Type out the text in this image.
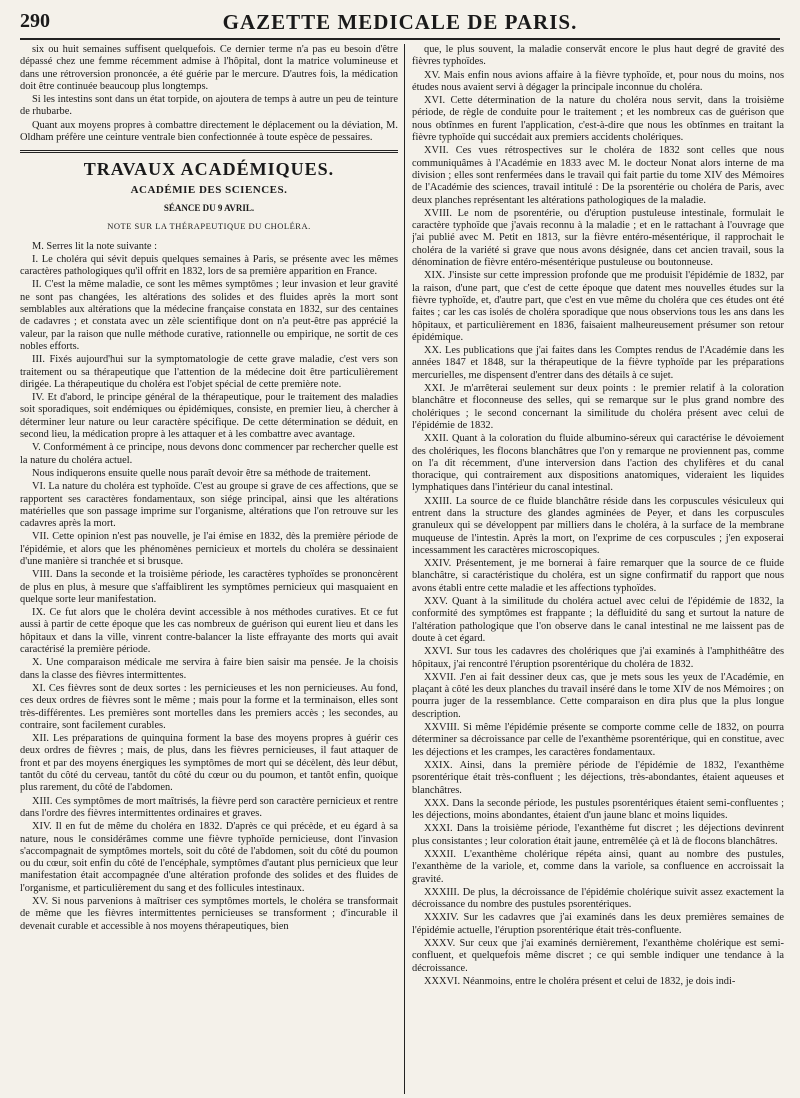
290	GAZETTE MEDICALE DE PARIS.

six ou huit semaines suffisent quelquefois. Ce dernier terme n'a pas eu besoin d'être dépassé chez une femme récemment admise à l'hôpital, dont la matrice volumineuse et dans une rétroversion prononcée, a été guérie par le mercure. D'autres fois, la médication doit être continuée beaucoup plus longtemps.

Si les intestins sont dans un état torpide, on ajoutera de temps à autre un peu de teinture de rhubarbe.

Quant aux moyens propres à combattre directement le déplacement ou la déviation, M. Oldham préfère une ceinture ventrale bien confectionnée à toute espèce de pessaires.

TRAVAUX ACADÉMIQUES.
ACADÉMIE DES SCIENCES.
SÉANCE DU 9 AVRIL.
NOTE SUR LA THÉRAPEUTIQUE DU CHOLÉRA.

M. Serres lit la note suivante :

I. Le choléra qui sévit depuis quelques semaines à Paris, se présente avec les mêmes caractères pathologiques qu'il offrit en 1832, lors de sa première apparition en France.

II. C'est la même maladie, ce sont les mêmes symptômes ; leur invasion et leur gravité ne sont pas changées, les altérations des solides et des fluides après la mort sont semblables aux altérations que la médecine française constata en 1832, sur des centaines de cadavres ; et constata avec un zèle scientifique dont on n'a peut-être pas apprécié la valeur, par la raison que nulle méthode curative, rationnelle ou empirique, ne sortit de ces nobles efforts.

III. Fixés aujourd'hui sur la symptomatologie de cette grave maladie, c'est vers son traitement ou sa thérapeutique que l'attention de la médecine doit être particulièrement dirigée. La thérapeutique du choléra est l'objet spécial de cette première note.

IV. Et d'abord, le principe général de la thérapeutique, pour le traitement des maladies soit sporadiques, soit endémiques ou épidémiques, consiste, en premier lieu, à chercher à déterminer leur nature ou leur caractère spécifique. De cette détermination se déduit, en second lieu, la médication propre à les attaquer et à les combattre avec avantage.

V. Conformément à ce principe, nous devons donc commencer par rechercher quelle est la nature du choléra actuel.

Nous indiquerons ensuite quelle nous paraît devoir être sa méthode de traitement.

VI. La nature du choléra est typhoïde. C'est au groupe si grave de ces affections, que se rapportent ses caractères fondamentaux, son siége principal, ainsi que les altérations matérielles que son passage imprime sur l'organisme, altérations que l'on retrouve sur les cadavres après la mort.

VII. Cette opinion n'est pas nouvelle, je l'ai émise en 1832, dès la première période de l'épidémie, et alors que les phénomènes pernicieux et mortels du choléra se dessinaient d'une manière si tranchée et si brusque.

VIII. Dans la seconde et la troisième période, les caractères typhoïdes se prononcèrent de plus en plus, à mesure que s'affaiblirent les symptômes pernicieux qui masquaient en quelque sorte leur manifestation.

IX. Ce fut alors que le choléra devint accessible à nos méthodes curatives. Et ce fut aussi à partir de cette époque que les cas nombreux de guérison qui eurent lieu et dans les hôpitaux et dans la ville, vinrent contre-balancer la liste effrayante des morts qui avait caractérisé la première période.

X. Une comparaison médicale me servira à faire bien saisir ma pensée. Je la choisis dans la classe des fièvres intermittentes.

XI. Ces fièvres sont de deux sortes : les pernicieuses et les non pernicieuses. Au fond, ces deux ordres de fièvres sont le même ; mais pour la forme et la terminaison, elles sont très-différentes. Les premières sont mortelles dans les premiers accès ; les secondes, au contraire, sont facilement curables.

XII. Les préparations de quinquina forment la base des moyens propres à guérir ces deux ordres de fièvres ; mais, de plus, dans les fièvres pernicieuses, il faut attaquer de front et par des moyens énergiques les symptômes de mort qui se décèlent, dès leur début, tantôt du côté du cerveau, tantôt du côté du cœur ou du poumon, et tantôt enfin, quoique plus rarement, du côté de l'abdomen.

XIII. Ces symptômes de mort maîtrisés, la fièvre perd son caractère pernicieux et rentre dans l'ordre des fièvres intermittentes ordinaires et graves.

XIV. Il en fut de même du choléra en 1832. D'après ce qui précède, et eu égard à sa nature, nous le considérâmes comme une fièvre typhoïde pernicieuse, dont l'invasion s'accompagnait de symptômes mortels, soit du côté de l'abdomen, soit du côté du poumon ou du cœur, soit enfin du côté de l'encéphale, symptômes d'autant plus pernicieux que leur manifestation était accompagnée d'une altération profonde des solides et des fluides de l'organisme, et particulièrement du sang et des follicules intestinaux.

XV. Si nous parvenions à maîtriser ces symptômes mortels, le choléra se transformait de même que les fièvres intermittentes pernicieuses se transforment ; d'incurable il devenait curable et accessible à nos moyens thérapeutiques, bien

que, le plus souvent, la maladie conservât encore le plus haut degré de gravité des fièvres typhoïdes.

XV. Mais enfin nous avions affaire à la fièvre typhoïde, et, pour nous du moins, nos études nous avaient servi à dégager la principale inconnue du choléra.

XVI. Cette détermination de la nature du choléra nous servit, dans la troisième période, de règle de conduite pour le traitement ; et les nombreux cas de guérison que nous obtînmes en furent l'application, c'est-à-dire que nous les obtînmes en traitant la fièvre typhoïde qui succédait aux premiers accidents cholériques.

XVII. Ces vues rétrospectives sur le choléra de 1832 sont celles que nous communiquâmes à l'Académie en 1833 avec M. le docteur Nonat alors interne de ma division ; elles sont renfermées dans le travail qui fait partie du tome XIV des Mémoires de l'Académie des sciences, travail intitulé : De la psorentérie ou choléra de Paris, avec deux planches représentant les altérations pathologiques de la maladie.

XVIII. Le nom de psorentérie, ou d'éruption pustuleuse intestinale, formulait le caractère typhoïde que j'avais reconnu à la maladie ; et en le rattachant à l'ouvrage que j'ai publié avec M. Petit en 1813, sur la fièvre entéro-mésentérique, il rapprochait le choléra de la variété si grave que nous avons désignée, dans cet ancien travail, sous la dénomination de fièvre entéro-mésentérique pustuleuse ou boutonneuse.

XIX. J'insiste sur cette impression profonde que me produisit l'épidémie de 1832, par la raison, d'une part, que c'est de cette époque que datent mes nouvelles études sur la fièvre typhoïde, et, d'autre part, que c'est en vue même du choléra que ces études ont été faites ; car les cas isolés de choléra sporadique que nous observions tous les ans dans les hôpitaux, et particulièrement en 1836, faisaient malheureusement présumer son retour épidémique.

XX. Les publications que j'ai faites dans les Comptes rendus de l'Académie dans les années 1847 et 1848, sur la thérapeutique de la fièvre typhoïde par les préparations mercurielles, me dispensent d'entrer dans des détails à ce sujet.

XXI. Je m'arrêterai seulement sur deux points : le premier relatif à la coloration blanchâtre et floconneuse des selles, qui se remarque sur le plus grand nombre des cholériques ; le second concernant la similitude du choléra présent avec celui de l'épidémie de 1832.

XXII. Quant à la coloration du fluide albumino-séreux qui caractérise le dévoiement des cholériques, les flocons blanchâtres que l'on y remarque ne proviennent pas, comme on l'a dit récemment, d'une interversion dans l'action des chylifères et du canal thoracique, qui contrairement aux dispositions anatomiques, videraient les liquides lymphatiques dans l'intérieur du canal intestinal.

XXIII. La source de ce fluide blanchâtre réside dans les corpuscules vésiculeux qui entrent dans la structure des glandes agminées de Peyer, et dans les corpuscules granuleux qui se développent par milliers dans le choléra, à la surface de la membrane muqueuse de l'intestin. Après la mort, on l'exprime de ces corpuscules ; j'en exposerai incessamment les caractères microscopiques.

XXIV. Présentement, je me bornerai à faire remarquer que la source de ce fluide blanchâtre, si caractéristique du choléra, est un signe confirmatif du rapport que nous avons établi entre cette maladie et les affections typhoïdes.

XXV. Quant à la similitude du choléra actuel avec celui de l'épidémie de 1832, la conformité des symptômes est frappante ; la défluidité du sang et surtout la nature de l'altération pathologique que l'on observe dans le canal intestinal ne me laissent pas de doute à cet égard.

XXVI. Sur tous les cadavres des cholériques que j'ai examinés à l'amphithéâtre des hôpitaux, j'ai rencontré l'éruption psorentérique du choléra de 1832.

XXVII. J'en ai fait dessiner deux cas, que je mets sous les yeux de l'Académie, en plaçant à côté les deux planches du travail inséré dans le tome XIV de nos Mémoires ; on pourra juger de la ressemblance. Cette comparaison en dira plus que la plus longue description.

XXVIII. Si même l'épidémie présente se comporte comme celle de 1832, on pourra déterminer sa décroissance par celle de l'exanthème psorentérique, qui en constitue, avec les déjections et les crampes, les caractères fondamentaux.

XXIX. Ainsi, dans la première période de l'épidémie de 1832, l'exanthème psorentérique était très-confluent ; les déjections, très-abondantes, étaient aqueuses et blanchâtres.

XXX. Dans la seconde période, les pustules psorentériques étaient semi-confluentes ; les déjections, moins abondantes, étaient d'un jaune blanc et moins liquides.

XXXI. Dans la troisième période, l'exanthème fut discret ; les déjections devinrent plus consistantes ; leur coloration était jaune, entremêlée çà et là de flocons blanchâtres.

XXXII. L'exanthème cholérique répéta ainsi, quant au nombre des pustules, l'exanthème de la variole, et, comme dans la variole, sa confluence en accroissait la gravité.

XXXIII. De plus, la décroissance de l'épidémie cholérique suivit assez exactement la décroissance du nombre des pustules psorentériques.

XXXIV. Sur les cadavres que j'ai examinés dans les deux premières semaines de l'épidémie actuelle, l'éruption psorentérique était très-confluente.

XXXV. Sur ceux que j'ai examinés dernièrement, l'exanthème cholérique est semi-confluent, et quelquefois même discret ; ce qui semble indiquer une tendance à la décroissance.

XXXVI. Néanmoins, entre le choléra présent et celui de 1832, je dois indi-
